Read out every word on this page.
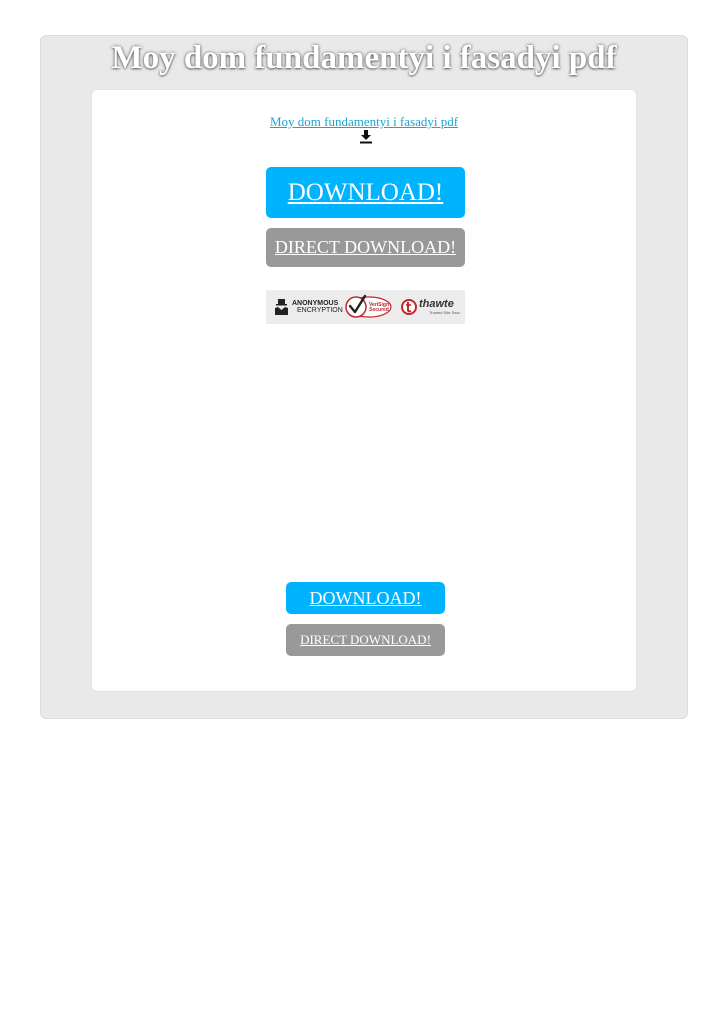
Moy dom fundamentyi i fasadyi pdf
Moy dom fundamentyi i fasadyi pdf
DOWNLOAD!
DIRECT DOWNLOAD!
ANONYMOUS
ENCRYPTION
VeriSign
Secured	thawte
Trusted Site Seal
DOWNLOAD!
DIRECT DOWNLOAD!
